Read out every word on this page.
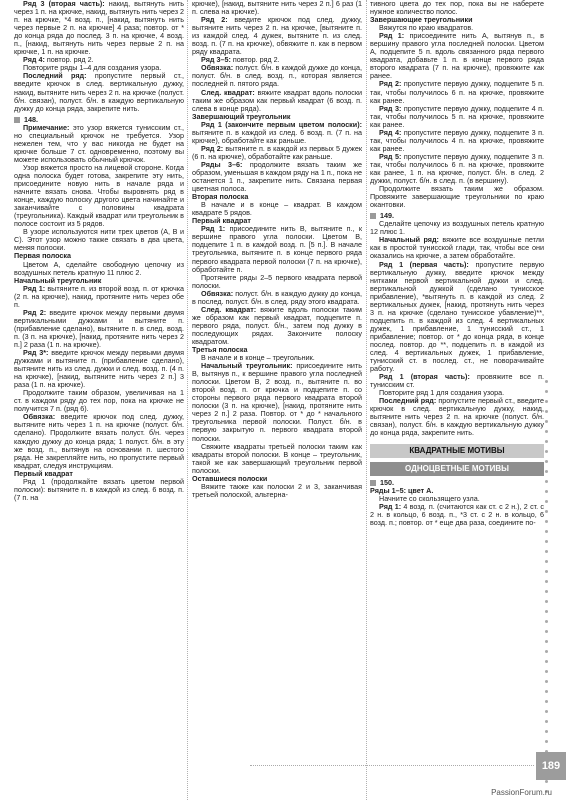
Ряд 3 (вторая часть): накид, вытянуть нить через 1 п. на крючке, накид, вытянуть нить через 2 п. на крючке, *4 возд. п., [накид, вытянуть нить через первые 2 п. на крючке] 4 раза; повтор. от * до конца ряда до послед. 3 п. на крючке, 4 возд. п., [накид, вытянуть нить через первые 2 п. на крючке, 1 п. на крючке.

Ряд 4: повтор. ряд 2.

Повторите ряды 1–4 для создания узора.

Последний ряд: пропустите первый ст., введите крючок в след. вертикальную дужку, накид, вытяните нить через 2 п. на крючке (полуст. б/н. связан), полуст. б/н. в каждую вертикальную дужку до конца ряда, закрепите нить.

148.

Примечание: это узор вяжется тунисским ст., но специальный крючок не требуется. Узор нежелен тем, что у вас никогда не будет на крючке больше 7 ст. одновременно, поэтому вы можете использовать обычный крючок.

Узор вяжется просто на лицевой стороне. Когда одна полоска будет готова, закрепите эту нить, присоедините новую нить в начале ряда и начните вязать снова. Чтобы выровнять ряд в конце, каждую полоску другого цвета начинайте и заканчивайте с половины квадрата (треугольника). Каждый квадрат или треугольник в полосе состоит из 5 рядов.

В узоре используются нити трех цветов (A, B и C). Этот узор можно также связать в два цвета, меняя полоски.

Первая полоска

Цветом A, сделайте свободную цепочку из воздушных петель кратную 11 плюс 2.

Начальный треугольник

Ряд 1: вытяните п. из второй возд. п. от крючка (2 п. на крючке), накид, протяните нить через обе п.

Ряд 2: введите крючок между первыми двумя вертикальными дужками и вытяните п. (прибавление сделано), вытяните п. в след. возд. п. (3 п. на крючке), [накид, протяните нить через 2 п.] 2 раза (1 п. на крючке).

Ряд 3*: введите крючок между первыми двумя дужками и вытяните п. (прибавление сделано), вытяните нить из след. дужки и след. возд. п. (4 п. на крючке), [накид, вытяните нить через 2 п.] 3 раза (1 п. на крючке).

Продолжите таким образом, увеличивая на 1 ст. в каждом ряду до тех пор, пока на крючке не получится 7 п. (ряд 6).

Обвязка: введите крючок под след. дужку, вытяните нить через 1 п. на крючке (полуст. б/н. сделано). Продолжите вязать полуст. б/н. через каждую дужку до конца ряда; 1 полуст. б/н. в эту же возд. п., вытянув на основании п. шестого ряда. Не закрепляйте нить, но пропустите первый квадрат, следуя инструкциям.

Первый квадрат

Ряд 1 (продолжайте вязать цветом первой полоски): вытяните п. в каждой из след. 6 возд. п. (7 п. на

крючке), [накид, вытяните нить через 2 п.] 6 раз (1 п. слева на крючке).

Ряд 2: введите крючок под след. дужку, вытяните нить через 2 п. на крючке, [вытяните п. из каждой след. 4 дужек, вытяните п. из след. возд. п. (7 п. на крючке), обвяжите п. как в первом ряду квадрата.

Ряд 3–5: повтор. ряд 2.

Обвязка: полуст. б/н. в каждой дужке до конца, полуст. б/н. в след. возд. п., которая является последней п. пятого ряда.

След. квадрат: вяжите квадрат вдоль полоски таким же образом как первый квадрат (6 возд. п. слева в конце ряда).

Завершающий треугольник

Ряд 1 (закончите первым цветом полоски): вытяните п. в каждой из след. 6 возд. п. (7 п. на крючке), обработайте как раньше.

Ряд 2: вытяните п. в каждой из первых 5 дужек (6 п. на крючке), обработайте как раньше.

Ряды 3–6: продолжите вязать таким же образом, уменьшая в каждом ряду на 1 п., пока не останется 1 п., закрепите нить. Связана первая цветная полоса.

Вторая полоска

В начале и в конце – квадрат. В каждом квадрате 5 рядов.

Первый квадрат

Ряд 1: присоедините нить B, вытяните п., к вершине правого угла полоски. Цветом B, подцепите 1 п. в каждой возд. п. [5 п.]. В начале треугольника, вытяните п. в конце первого ряда первого квадрата первой полоски (7 п. на крючке), обработайте п.

Протяните ряды 2–5 первого квадрата первой полоски.

Обвязка: полуст. б/н. в каждую дужку до конца, в послед. полуст. б/н. в след. ряду этого квадрата.

След. квадрат: вяжите вдоль полоски таким же образом как первый квадрат, подцепите п. первого ряда, полуст. б/н., затем под дужку в последующих рядах. Закончите полоску квадратом.

Третья полоска

В начале и в конце – треугольник.

Начальный треугольник: присоедините нить B, вытянув п., к вершине правого угла последней полоски. Цветом B, 2 возд. п., вытяните п. во второй возд. п. от крючка и подцепите п. со стороны первого ряда первого квадрата второй полоски (3 п. на крючке), [накид, протяните нить через 2 п.] 2 раза. Повтор. от * до * начального треугольника первой полоски. Полуст. б/н. в первую закрытую п. первого квадрата второй полоски.

Свяжите квадраты третьей полоски таким как квадраты второй полоски. В конце – треугольник, такой же как завершающий треугольник первой полоски.

Оставшиеся полоски

Вяжите также как полоски 2 и 3, заканчивая третьей полоской, альтерна-

тивного цвета до тех пор, пока вы не наберете нужное количество полос.

Завершающие треугольники

Вяжутся по краю квадратов.

Ряд 1: присоедините нить A, вытянув п., в вершину правого угла последней полоски. Цветом A, подцепите 5 п. вдоль связанного ряда первого квадрата, добавьте 1 п. в конце первого ряда второго квадрата (7 п. на крючке), провяжите как ранее.

Ряд 2: пропустите первую дужку, подцепите 5 п. так, чтобы получилось 6 п. на крючке, провяжите как ранее.

Ряд 3: пропустите первую дужку, подцепите 4 п. так, чтобы получилось 5 п. на крючке, провяжите как ранее.

Ряд 4: пропустите первую дужку, подцепите 3 п. так, чтобы получилось 4 п. на крючке, провяжите как ранее.

Ряд 5: пропустите первую дужку, подцепите 3 п. так, чтобы получилось 6 п. на крючке, провяжите как ранее, 1 п. на крючке, полуст. б/н. в след. 2 дужки, полуст. б/н. в след. п. (в вершину).

Продолжите вязать таким же образом. Провяжите завершающие треугольники по краю окантовки.

149.

Сделайте цепочку из воздушных петель кратную 12 плюс 1.

Начальный ряд: вяжите все воздушные петли как в простой тунисской глади, так, чтобы все они оказались на крючке, а затем обработайте.

Ряд 1 (первая часть): пропустите первую вертикальную дужку, введите крючок между нитками первой вертикальной дужки и след. вертикальной дужкой (сделано тунисское прибавление), *вытянуть п. в каждой из след. 2 вертикальных дужек, [накид, протянуть нить через 3 п. на крючке (сделано тунисское убавление)**, подцепить п. в каждой из след. 4 вертикальных дужек, 1 прибавление, 1 тунисский ст., 1 прибавление; повтор. от * до конца ряда, в конце послед. повтор. до **, подцепить п. в каждой из след. 4 вертикальных дужек, 1 прибавление, тунисский ст. в послед. ст., не поворачивайте работу.

Ряд 1 (вторая часть): провяжите все п. тунисским ст.

Повторите ряд 1 для создания узора.

Последний ряд: пропустите первый ст., введите крючок в след. вертикальную дужку, накид, вытяните нить через 2 п. на крючке (полуст. б/н. связан), полуст. б/н. в каждую вертикальную дужку до конца ряда, закрепите нить.

КВАДРАТНЫЕ МОТИВЫ
ОДНОЦВЕТНЫЕ МОТИВЫ
150.

Ряды 1–5: цвет A.

Начните со скользящего узла.

Ряд 1: 4 возд. п. (считаются как ст. с 2 н.), 2 ст. с 2 н. в кольцо, 6 возд. п., *3 ст. с 2 н. в кольцо, 6 возд. п.; повтор. от * еще два раза, соедините по-

189
PassionForum.ru
